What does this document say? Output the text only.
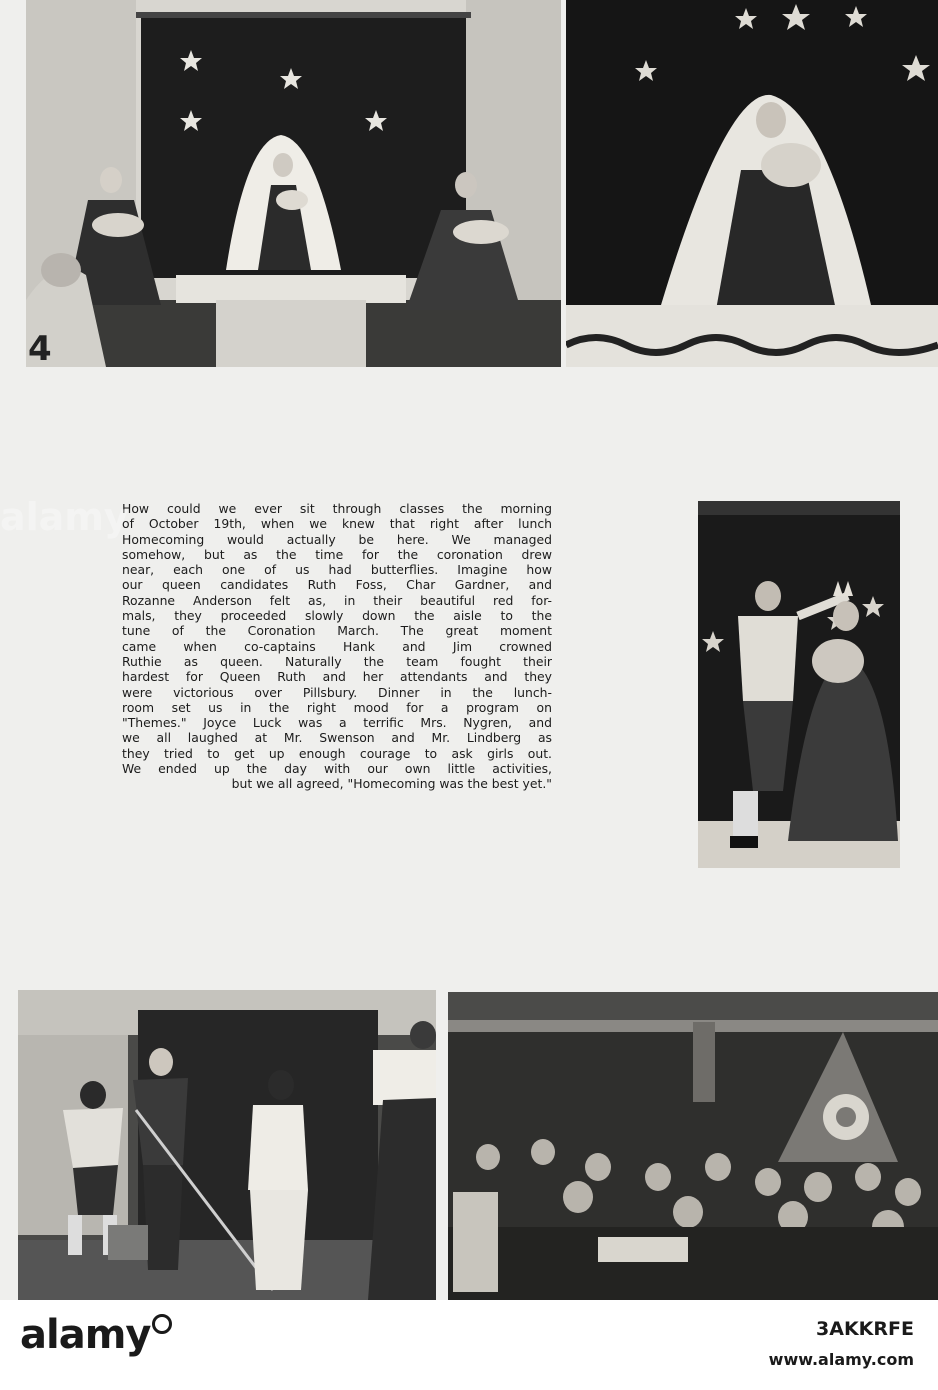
4
How could we ever sit through classes the morning
of October 19th, when we knew that right after lunch
Homecoming would actually be here. We managed
somehow, but as the time for the coronation drew
near, each one of us had butterflies. Imagine how
our queen candidates Ruth Foss, Char Gardner, and
Rozanne Anderson felt as, in their beautiful red for-
mals, they proceeded slowly down the aisle to the
tune of the Coronation March. The great moment
came when co-captains Hank and Jim crowned
Ruthie as queen. Naturally the team fought their
hardest for Queen Ruth and her attendants and they
were victorious over Pillsbury. Dinner in the lunch-
room set us in the right mood for a program on
"Themes." Joyce Luck was a terrific Mrs. Nygren, and
we all laughed at Mr. Swenson and Mr. Lindberg as
they tried to get up enough courage to ask girls out.
We ended up the day with our own little activities,
but we all agreed, "Homecoming was the best yet."
alamy
alamy	3AKKRFE
www.alamy.com
